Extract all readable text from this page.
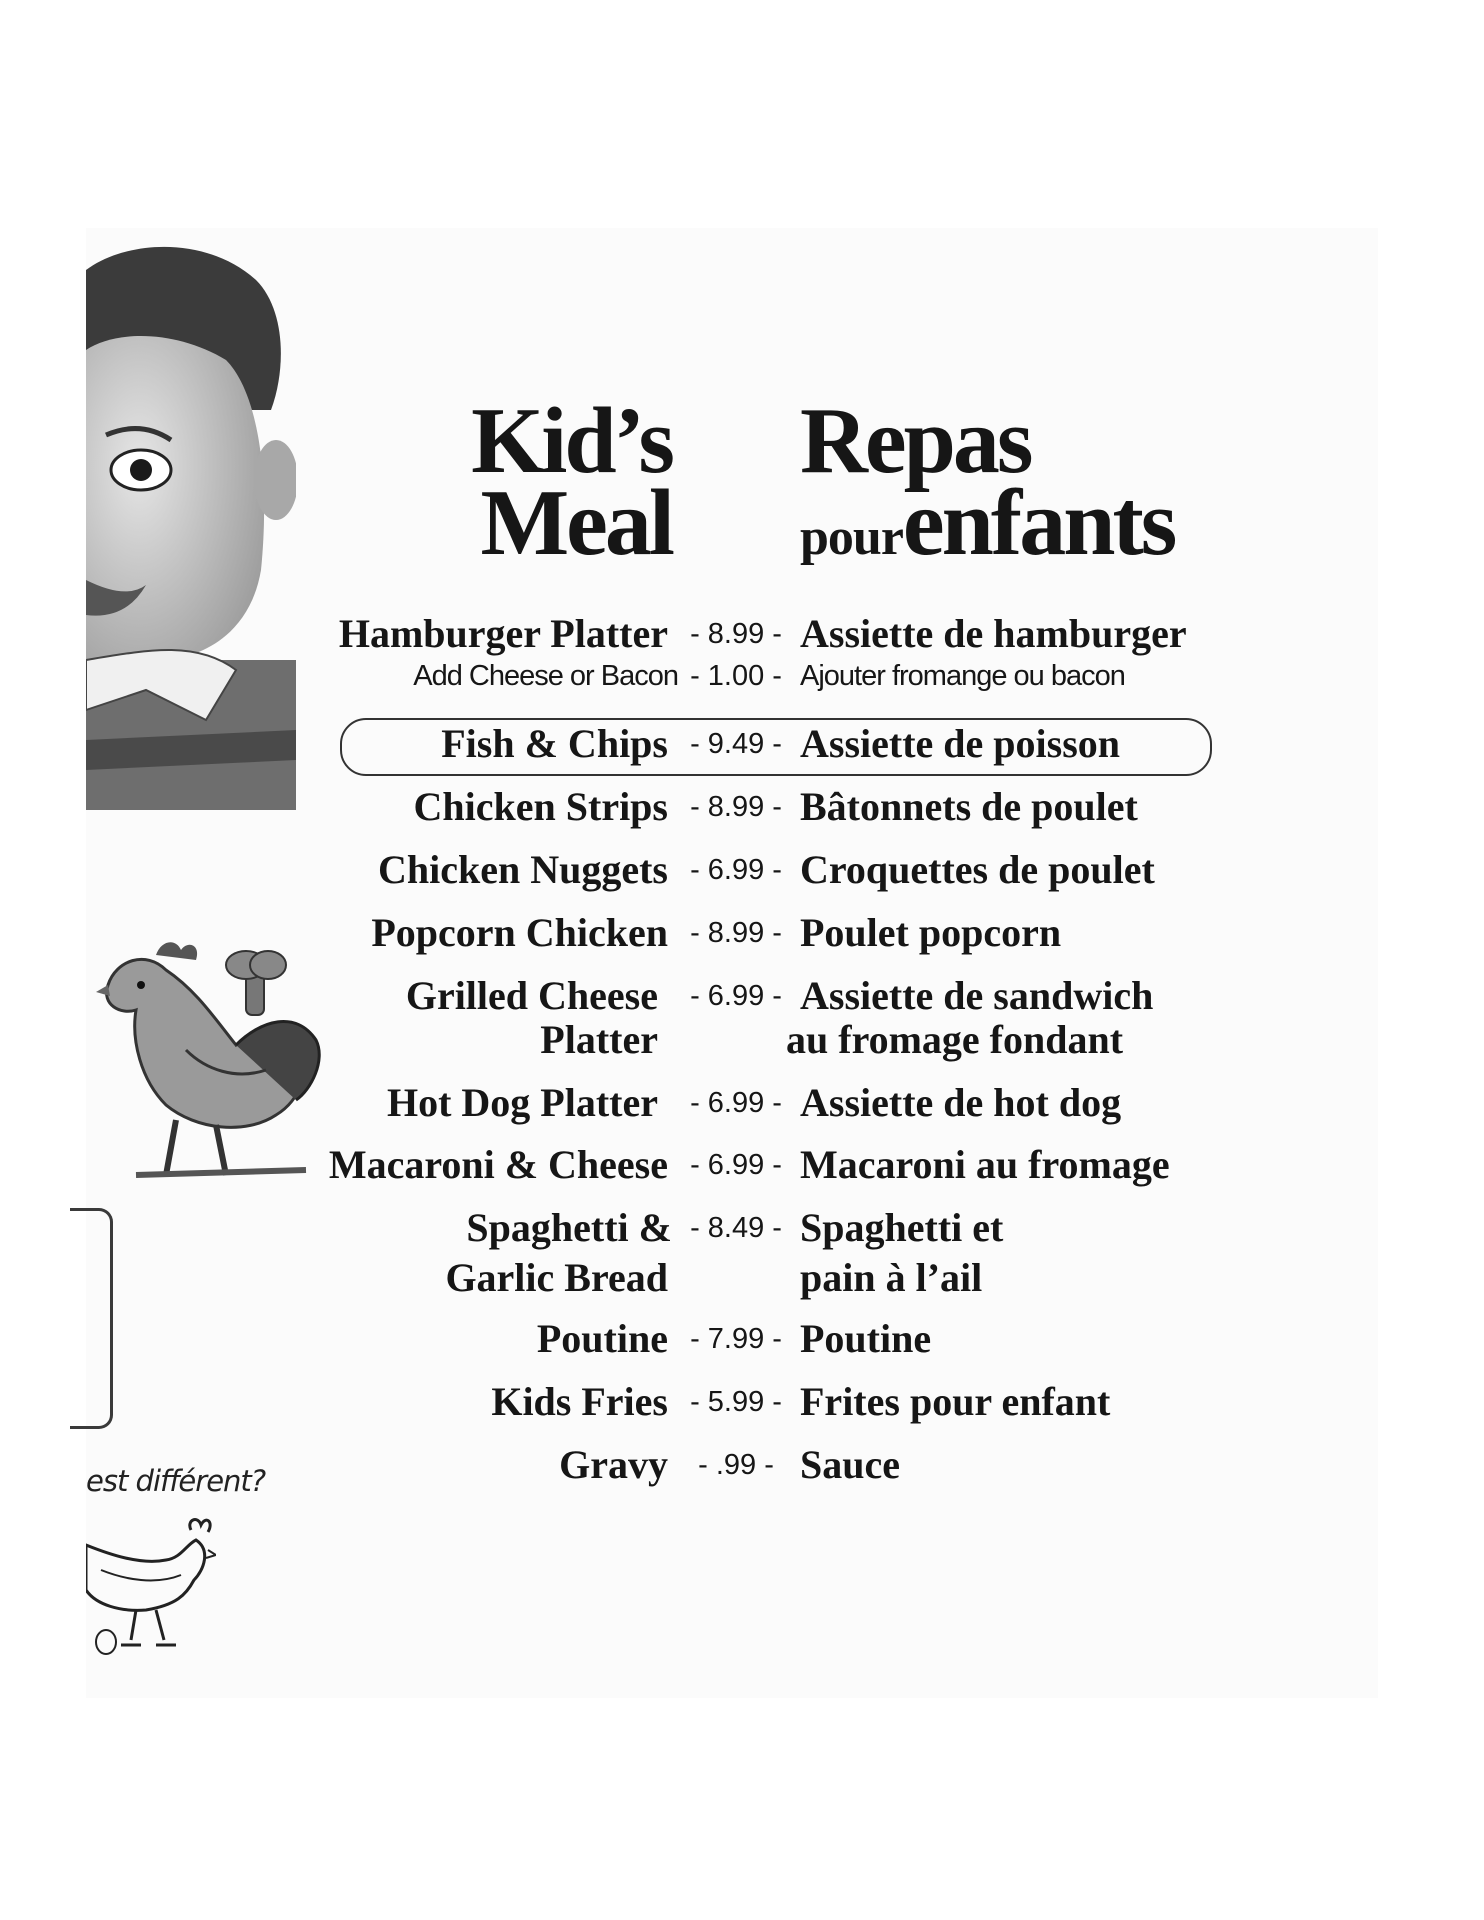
est différent?
Kid’s
Meal
Repas
pourenfants
Hamburger Platter - 8.99 - Assiette de hamburger
Add Cheese or Bacon - 1.00 - Ajouter fromange ou bacon
Fish & Chips - 9.49 - Assiette de poisson
Chicken Strips - 8.99 - Bâtonnets de poulet
Chicken Nuggets - 6.99 - Croquettes de poulet
Popcorn Chicken - 8.99 - Poulet popcorn
Grilled Cheese
Platter
- 6.99 - Assiette de sandwich
au fromage fondant
Hot Dog Platter - 6.99 - Assiette de hot dog
Macaroni & Cheese - 6.99 - Macaroni au fromage
Spaghetti &
Garlic Bread
- 8.49 - Spaghetti et
pain à l’ail
Poutine - 7.99 - Poutine
Kids Fries - 5.99 - Frites pour enfant
Gravy	- .99 - Sauce
